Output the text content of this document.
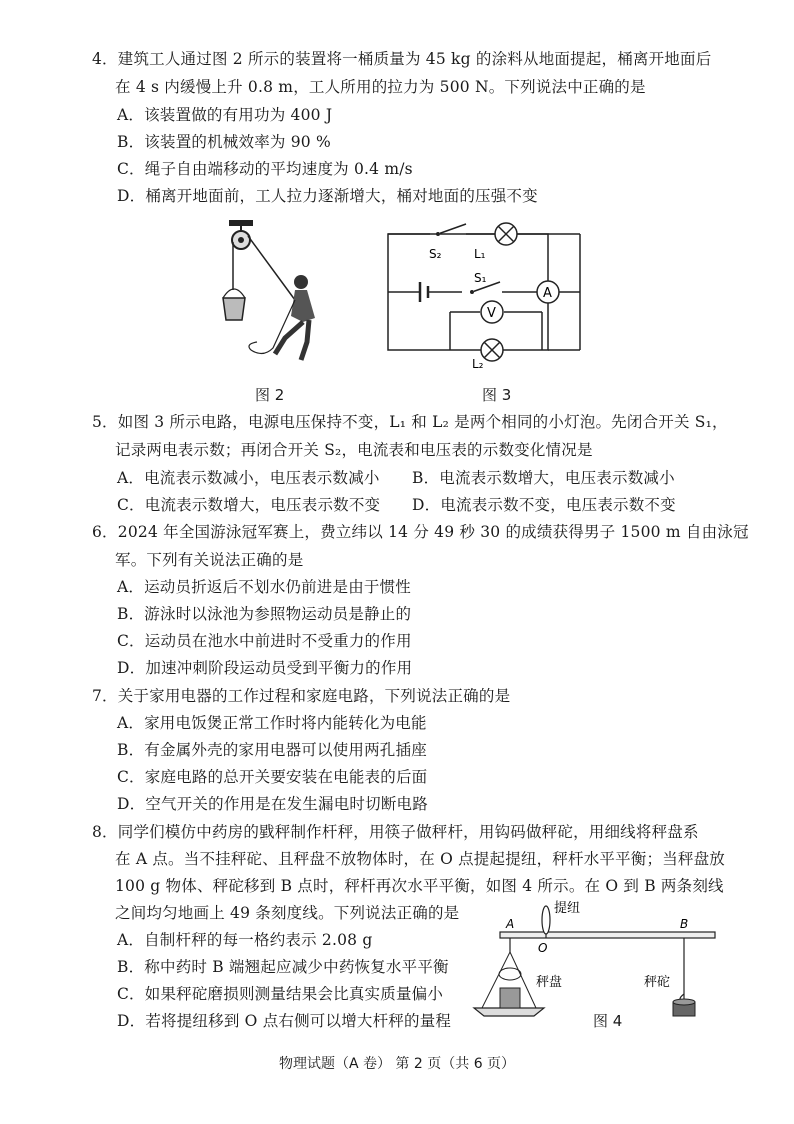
4．建筑工人通过图 2 所示的装置将一桶质量为 45 kg 的涂料从地面提起，桶离开地面后
在 4 s 内缓慢上升 0.8 m，工人所用的拉力为 500 N。下列说法中正确的是
A．该装置做的有用功为 400 J
B．该装置的机械效率为 90 %
C．绳子自由端移动的平均速度为 0.4 m/s
D．桶离开地面前，工人拉力逐渐增大，桶对地面的压强不变
图 2
S₂	L₁
S₁
A
V
L₂
图 3
5．如图 3 所示电路，电源电压保持不变，L₁ 和 L₂ 是两个相同的小灯泡。先闭合开关 S₁，
记录两电表示数；再闭合开关 S₂，电流表和电压表的示数变化情况是
A．电流表示数减小，电压表示数减小 B．电流表示数增大，电压表示数减小
C．电流表示数增大，电压表示数不变 D．电流表示数不变，电压表示数不变
6．2024 年全国游泳冠军赛上，费立纬以 14 分 49 秒 30 的成绩获得男子 1500 m 自由泳冠
军。下列有关说法正确的是
A．运动员折返后不划水仍前进是由于惯性
B．游泳时以泳池为参照物运动员是静止的
C．运动员在池水中前进时不受重力的作用
D．加速冲刺阶段运动员受到平衡力的作用
7．关于家用电器的工作过程和家庭电路，下列说法正确的是
A．家用电饭煲正常工作时将内能转化为电能
B．有金属外壳的家用电器可以使用两孔插座
C．家庭电路的总开关要安装在电能表的后面
D．空气开关的作用是在发生漏电时切断电路
8．同学们模仿中药房的戥秤制作杆秤，用筷子做秤杆，用钩码做秤砣，用细线将秤盘系
在 A 点。当不挂秤砣、且秤盘不放物体时，在 O 点提起提纽，秤杆水平平衡；当秤盘放
100 g 物体、秤砣移到 B 点时，秤杆再次水平平衡，如图 4 所示。在 O 到 B 两条刻线
之间均匀地画上 49 条刻度线。下列说法正确的是
A．自制杆秤的每一格约表示 2.08 g
B．称中药时 B 端翘起应减少中药恢复水平平衡
C．如果秤砣磨损则测量结果会比真实质量偏小
D．若将提纽移到 O 点右侧可以增大杆秤的量程
A
O
B
提纽
秤盘	秤砣
图 4
物理试题（A 卷） 第 2 页（共 6 页）
